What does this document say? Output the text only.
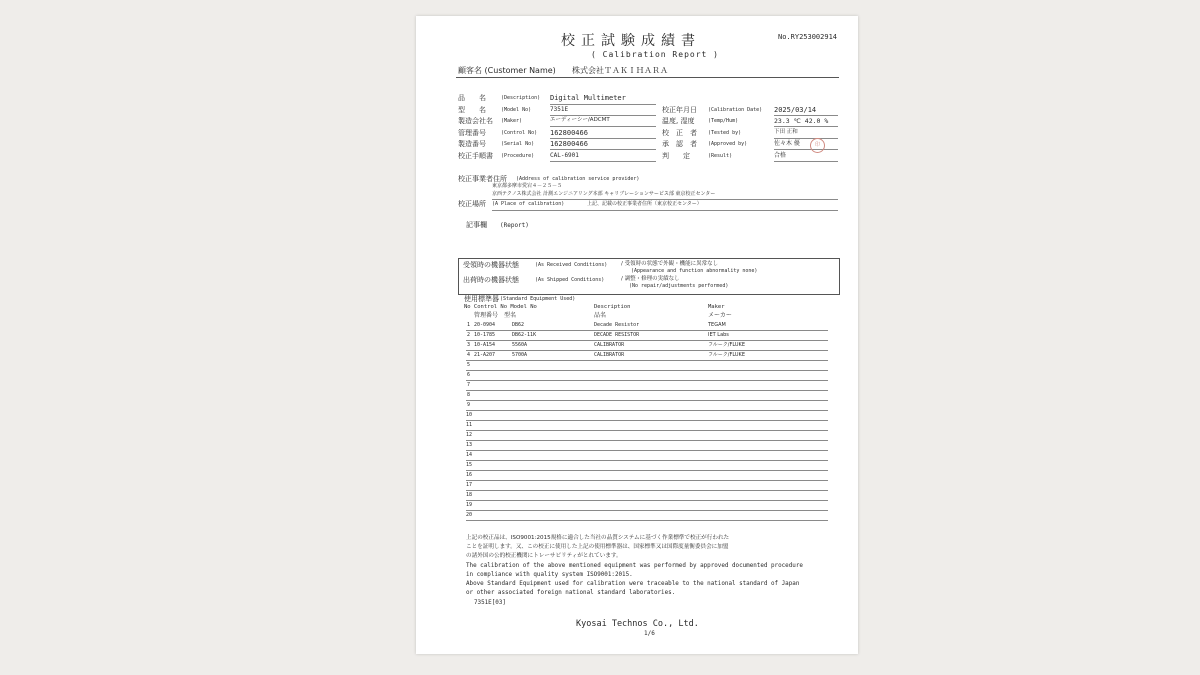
校正試験成績書
( Calibration Report )
No.RY253002914
顧客名 (Customer Name) 株式会社ＴＡＫＩＨＡＲＡ
品　　名	(Description) Digital Multimeter
型　　名	(Model No)	7351E
製造会社名 (Maker)	エーディーシー/ADCMT
管理番号	(Control No) 162800466
製造番号	(Serial No) 162800466
校正手順書 (Procedure)	CAL-6901
校正年月日 (Calibration Date) 2025/03/14
温度, 湿度	(Temp/Hum)	23.3 ℃ 42.0 %
校　正　者 (Tested by)	下田 正和
承　認　者 (Approved by)	佐々木 優
判　　定	(Result)	合格
印
校正事業者住所 (Address of calibration service provider)
東京都多摩市愛宕４－２５－５
京西テクノス株式会社 計測エンジニアリング本部 キャリブレーションサービス部 東京校正センター
校正場所 (A Place of calibration)	上記、記載の校正事業者住所（東京校正センター）
記事欄 (Report)
受領時の機器状態	(As Received Conditions)	/ 受領時の状態で外観・機能に異常なし
(Appearance and function abnormality none)
出荷時の機器状態	(As Shipped Conditions)	/ 調整・修理の実績なし
(No repair/adjustments performed)
使用標準器 (Standard Equipment Used)
No Control No Model No
管理番号　型名
Description
品名
Maker
メーカー
1 20-0904	DB62	Decade Resistor	TEGAM
2 10-1785	DB62-11K	DECADE RESISTOR	IET Labs
3 10-A154	5560A	CALIBRATOR	フルーク/FLUKE
4 21-A207	5700A	CALIBRATOR	フルーク/FLUKE
5
6
7
8
9
10
11
12
13
14
15
16
17
18
19
20
上記の校正品は、ISO9001:2015規格に適合した当社の品質システムに基づく作業標準で校正が行われた
ことを証明します。又、この校正に使用した上記の使用標準器は、国家標準又は国際度量衡委員会に加盟
の諸外国の公的校正機関にトレーサビリティがとれています。
The calibration of the above mentioned equipment was performed by approved documented procedure
in compliance with quality system ISO9001:2015.
Above Standard Equipment used for calibration were traceable to the national standard of Japan
or other associated foreign national standard laboratories.
7351E[03]
Kyosai Technos Co., Ltd.
1/6
